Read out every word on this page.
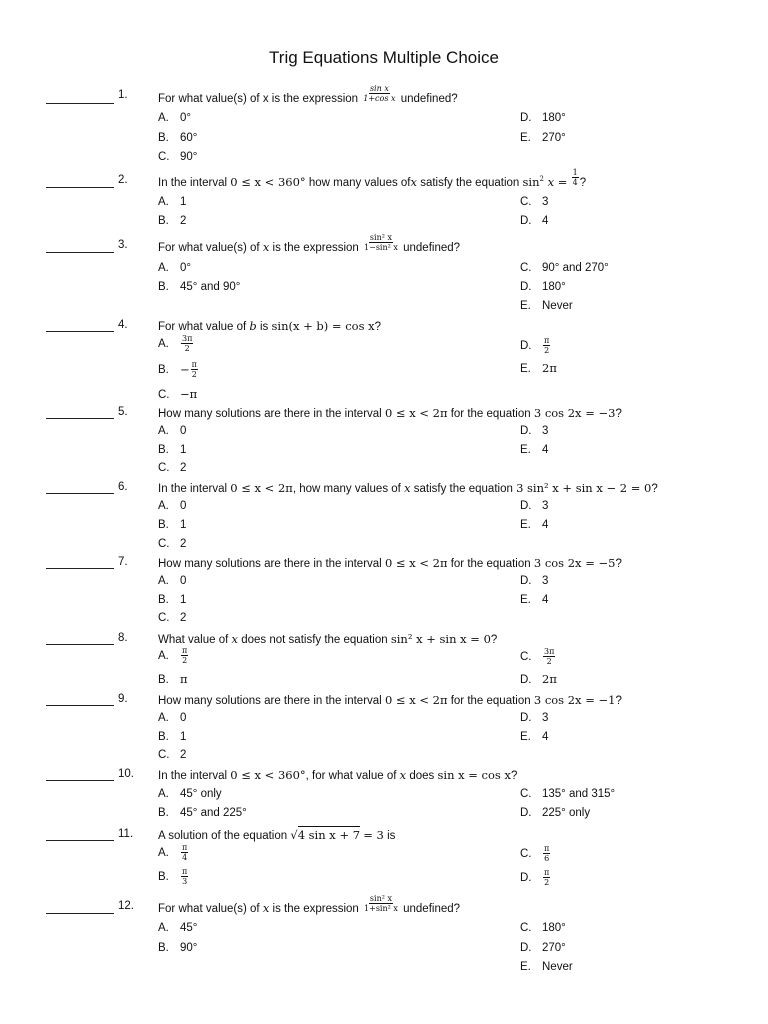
Trig Equations Multiple Choice
1.	For what value(s) of x is the expression $\frac{\text{sin x}}{\text{1+cos x}}$ undefined?
A. 0°
B. 60°
C. 90°
D. 180°
E. 270°
2.	In the interval 0 ≤ x < 360° how many values ofx satisfy the equation $\sin^2 x = \frac{1}{4}$ ?
A. 1
B. 2
C. 3
D. 4
3.	For what value(s) of x is the expression $\frac{\text{sin² x}}{\text{1−sin² x}}$ undefined?
A. 0°
B. 45° and 90°
C. 90° and 270°
D. 180°
E. Never
4.	For what value of b is sin(x + b) = cos x?
A. $\frac{3\pi}{2}$
B. − $\frac{\pi}{2}$
C. −π
D. $\frac{\pi}{2}$
E. 2π
5.	How many solutions are there in the interval 0 ≤ x < 2π for the equation 3 cos 2x = −3?
A. 0
B. 1
C. 2
D. 3
E. 4
6.	In the interval 0 ≤ x < 2π, how many values of x satisfy the equation 3 sin² x + sin x − 2 = 0?
A. 0
B. 1
C. 2
D. 3
E. 4
7.	How many solutions are there in the interval 0 ≤ x < 2π for the equation 3 cos 2x = −5?
A. 0
B. 1
C. 2
D. 3
E. 4
8.	What value of x does not satisfy the equation sin² x + sin x = 0?
A. $\frac{\pi}{2}$
B. π
C. $\frac{3\pi}{2}$
D. 2π
9.	How many solutions are there in the interval 0 ≤ x < 2π for the equation 3 cos 2x = −1?
A. 0
B. 1
C. 2
D. 3
E. 4
10.	In the interval 0 ≤ x < 360°, for what value of x does sin x = cos x?
A. 45° only
B. 45° and 225°
C. 135° and 315°
D. 225° only
11.	A solution of the equation √4 sin x + 7 = 3 is
A. $\frac{\pi}{4}$
B. $\frac{\pi}{3}$
C. $\frac{\pi}{6}$
D. $\frac{\pi}{2}$
12.	For what value(s) of x is the expression $\frac{\text{sin² x}}{\text{1+sin² x}}$ undefined?
A. 45°
B. 90°
C. 180°
D. 270°
E. Never
